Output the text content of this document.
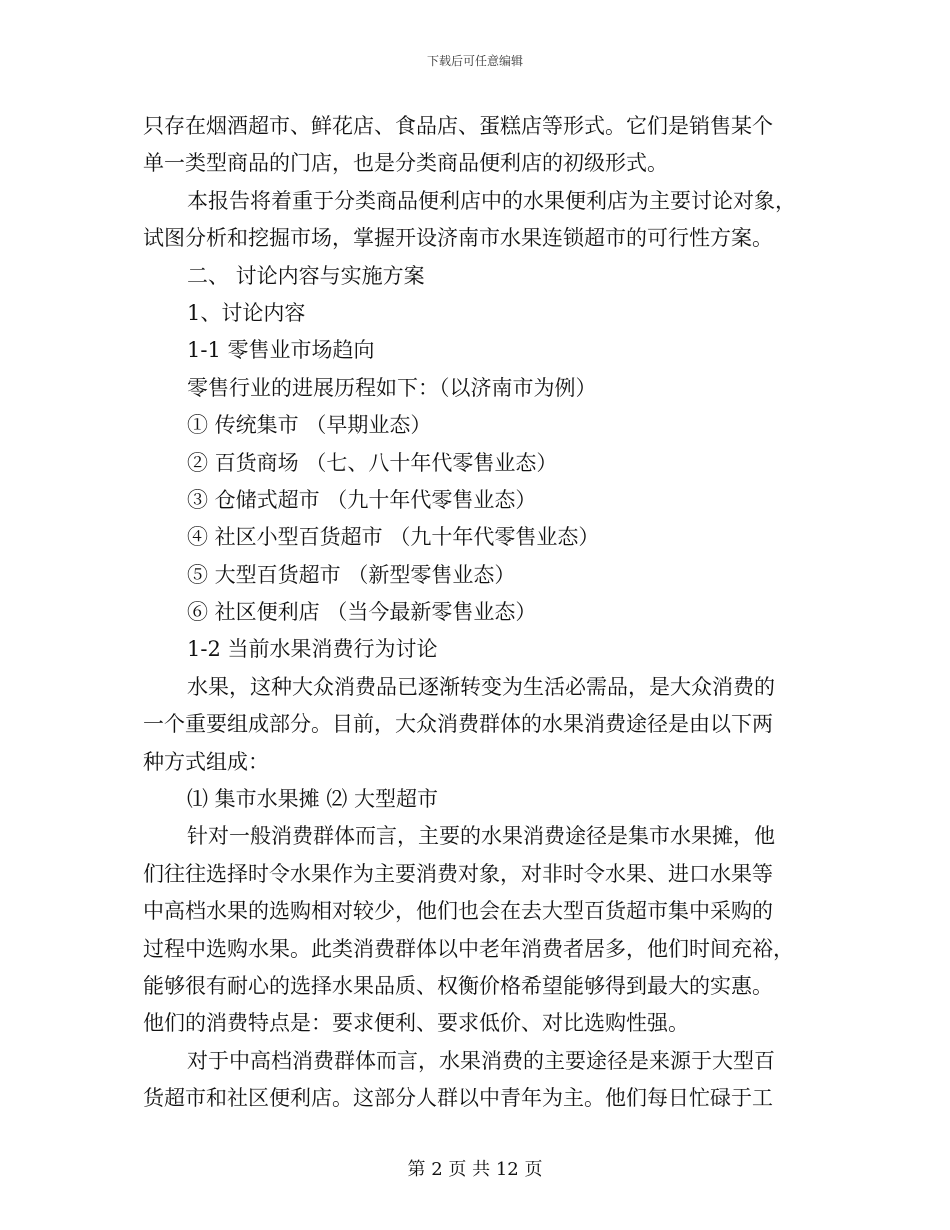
下载后可任意编辑
只存在烟酒超市、鲜花店、食品店、蛋糕店等形式。它们是销售某个
单一类型商品的门店，也是分类商品便利店的初级形式。
本报告将着重于分类商品便利店中的水果便利店为主要讨论对象，
试图分析和挖掘市场，掌握开设济南市水果连锁超市的可行性方案。
二、 讨论内容与实施方案
1、讨论内容
1-1 零售业市场趋向
零售行业的进展历程如下：（以济南市为例）
① 传统集市 （早期业态）
② 百货商场 （七、八十年代零售业态）
③ 仓储式超市 （九十年代零售业态）
④ 社区小型百货超市 （九十年代零售业态）
⑤ 大型百货超市 （新型零售业态）
⑥ 社区便利店 （当今最新零售业态）
1-2 当前水果消费行为讨论
水果，这种大众消费品已逐渐转变为生活必需品，是大众消费的
一个重要组成部分。目前，大众消费群体的水果消费途径是由以下两
种方式组成：
⑴ 集市水果摊 ⑵ 大型超市
针对一般消费群体而言，主要的水果消费途径是集市水果摊，他
们往往选择时令水果作为主要消费对象，对非时令水果、进口水果等
中高档水果的选购相对较少，他们也会在去大型百货超市集中采购的
过程中选购水果。此类消费群体以中老年消费者居多，他们时间充裕，
能够很有耐心的选择水果品质、权衡价格希望能够得到最大的实惠。
他们的消费特点是：要求便利、要求低价、对比选购性强。
对于中高档消费群体而言，水果消费的主要途径是来源于大型百
货超市和社区便利店。这部分人群以中青年为主。他们每日忙碌于工
第 2 页 共 12 页
